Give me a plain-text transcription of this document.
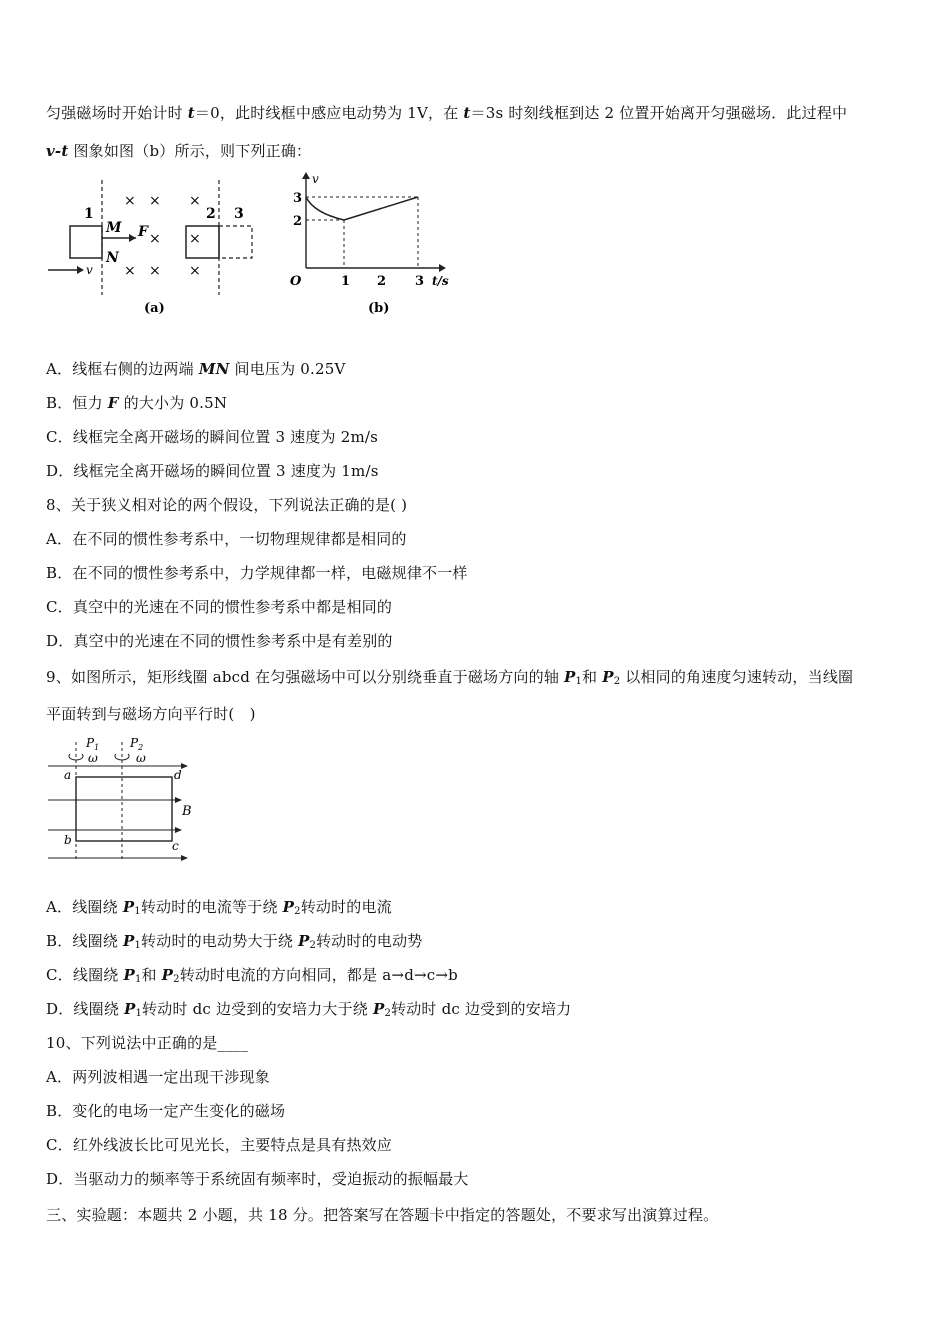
匀强磁场时开始计时 t＝0，此时线框中感应电动势为 1V，在 t＝3s 时刻线框到达 2 位置开始离开匀强磁场．此过程中
v-t 图象如图（b）所示，则下列正确：
1	2 3
× × ×
× ×
× × ×
M
N
F
v
(a)
v
t/s
O
3
2
1 2 3
(b)
A．线框右侧的边两端 MN 间电压为 0.25V
B．恒力 F 的大小为 0.5N
C．线框完全离开磁场的瞬间位置 3 速度为 2m/s
D．线框完全离开磁场的瞬间位置 3 速度为 1m/s
8、关于狭义相对论的两个假设，下列说法正确的是( )
A．在不同的惯性参考系中，一切物理规律都是相同的
B．在不同的惯性参考系中，力学规律都一样，电磁规律不一样
C．真空中的光速在不同的惯性参考系中都是相同的
D．真空中的光速在不同的惯性参考系中是有差别的
9、如图所示，矩形线圈 abcd 在匀强磁场中可以分别绕垂直于磁场方向的轴 $P_1$和 $P_2$ 以相同的角速度匀速转动，当线圈
平面转到与磁场方向平行时(　)
$P_1$	$P_2$
ω	ω
a	d
b	c
B
A．线圈绕 $P_1$转动时的电流等于绕 $P_2$转动时的电流
B．线圈绕 $P_1$转动时的电动势大于绕 $P_2$转动时的电动势
C．线圈绕 $P_1$和 $P_2$转动时电流的方向相同，都是 a→d→c→b
D．线圈绕 $P_1$转动时 dc 边受到的安培力大于绕 $P_2$转动时 dc 边受到的安培力
10、下列说法中正确的是____
A．两列波相遇一定出现干涉现象
B．变化的电场一定产生变化的磁场
C．红外线波长比可见光长，主要特点是具有热效应
D．当驱动力的频率等于系统固有频率时，受迫振动的振幅最大
三、实验题：本题共 2 小题，共 18 分。把答案写在答题卡中指定的答题处，不要求写出演算过程。
